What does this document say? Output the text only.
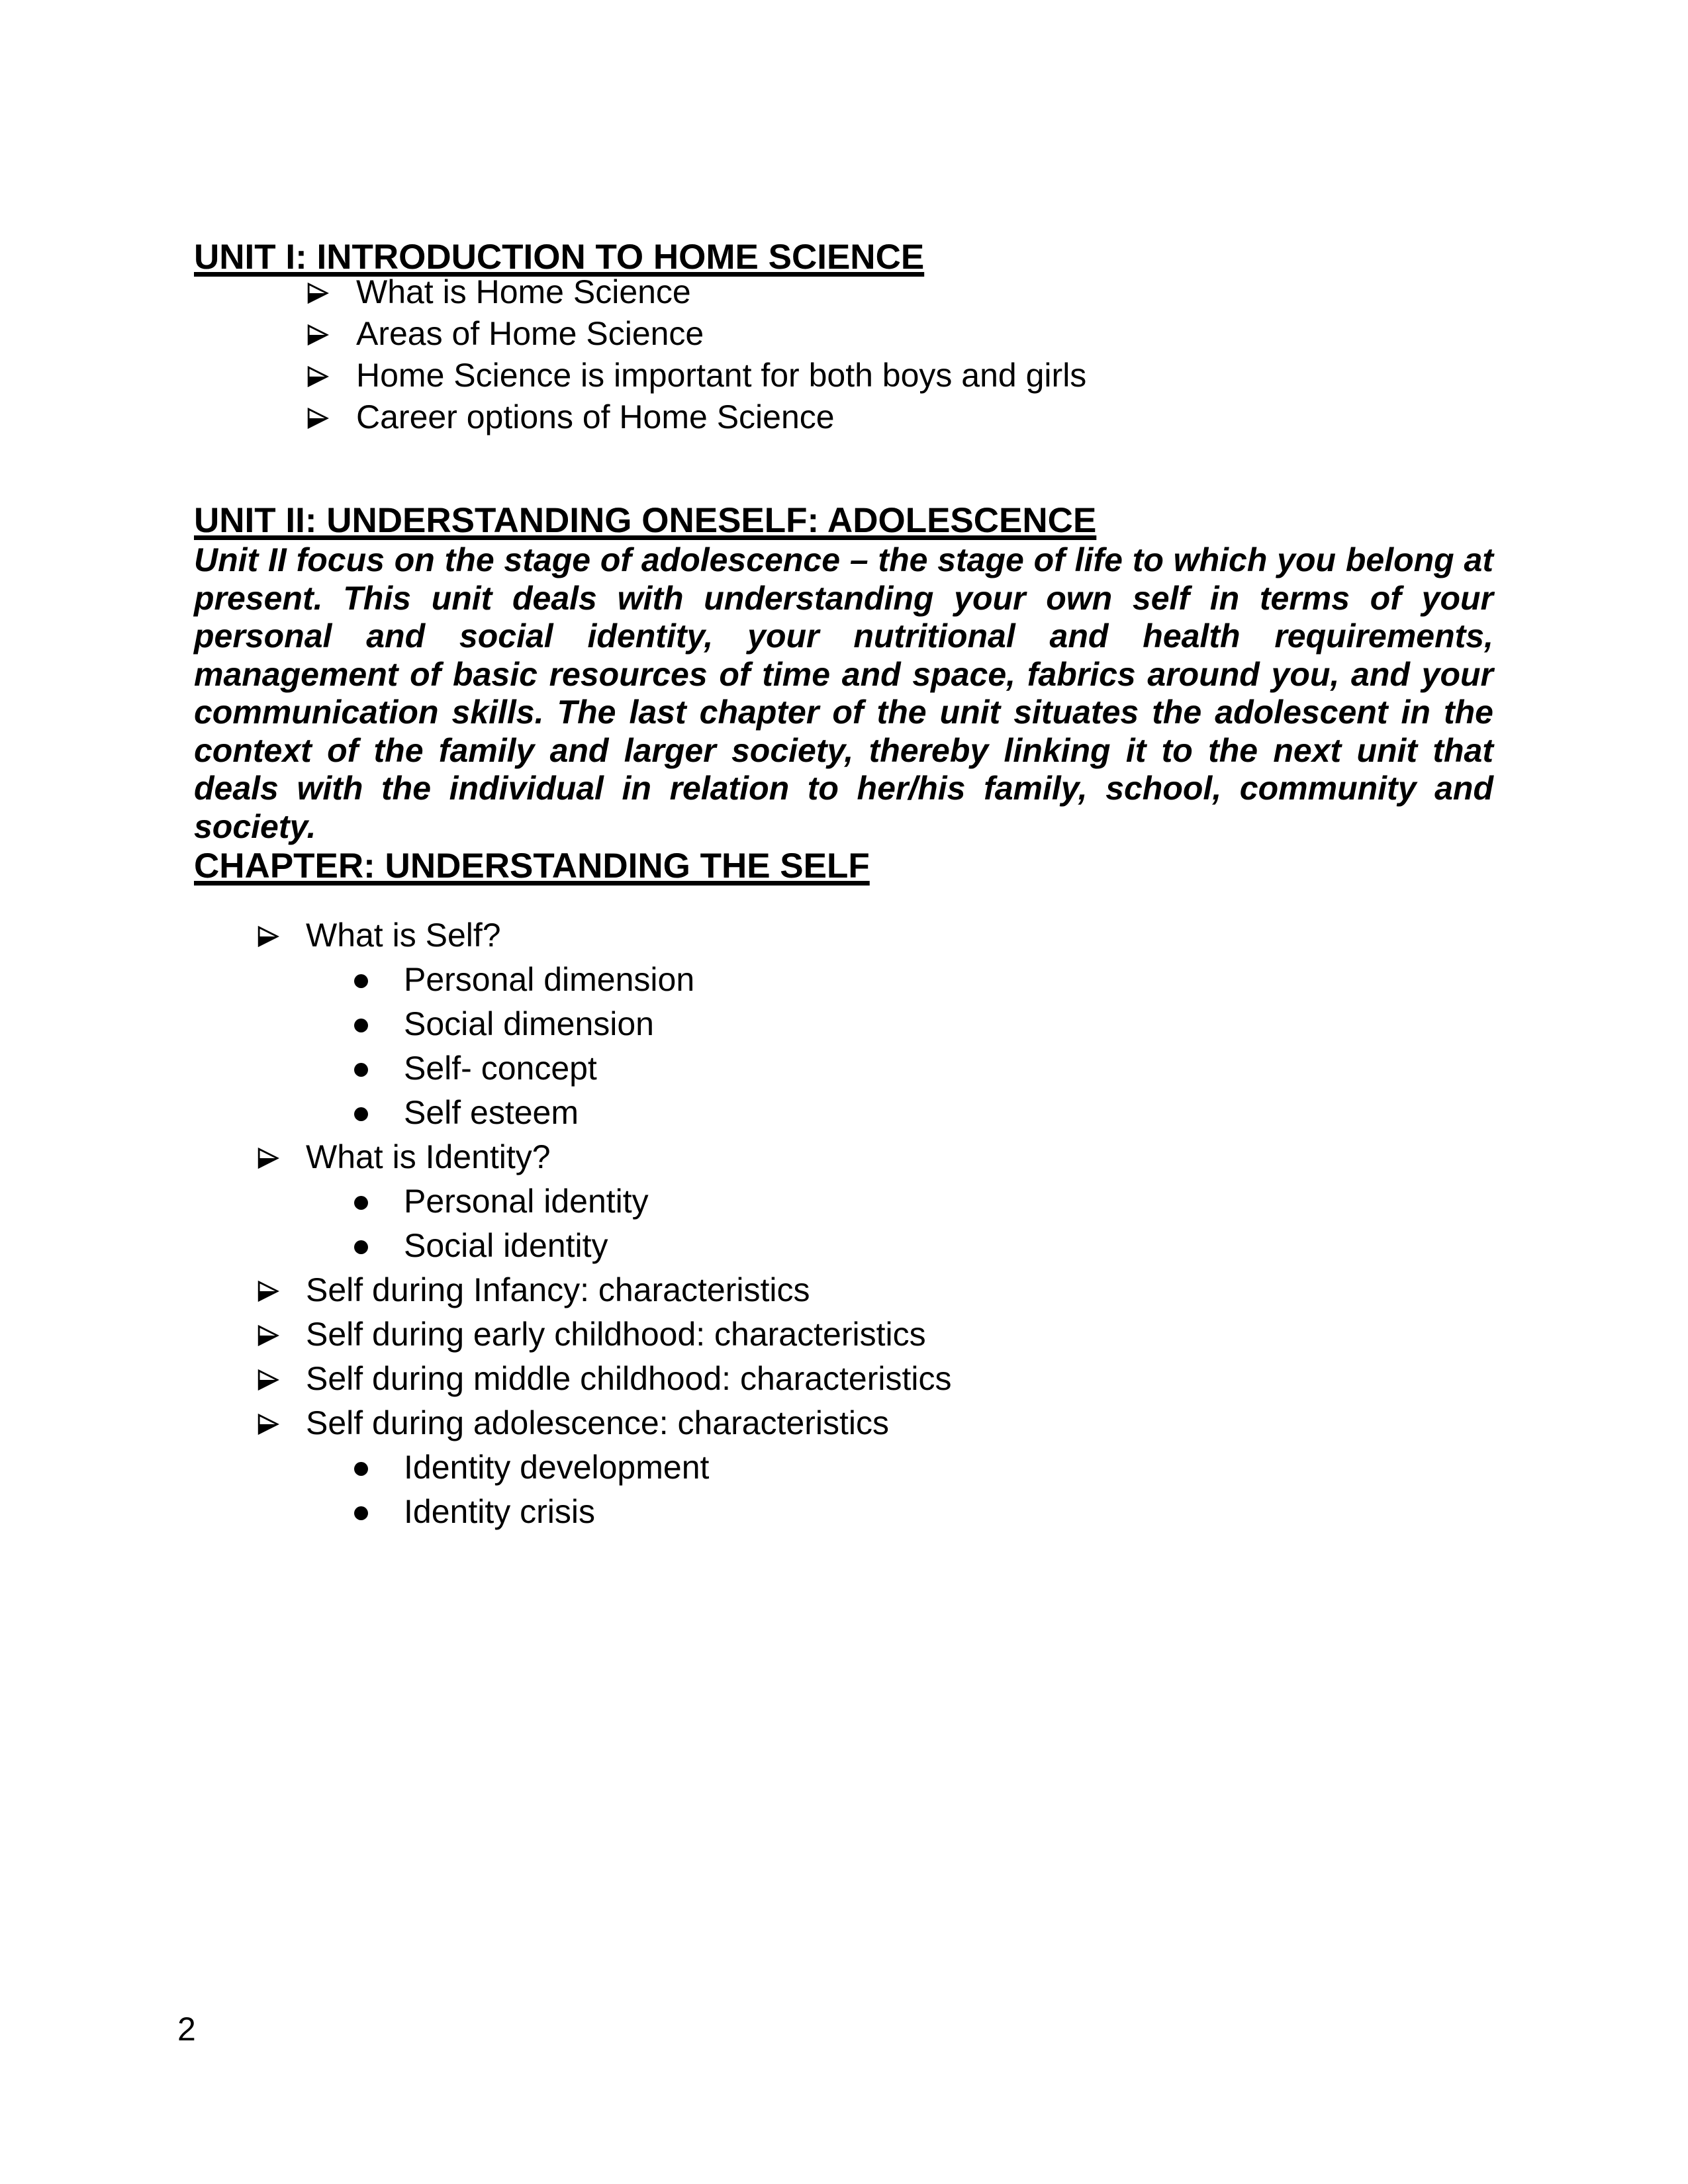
UNIT I: INTRODUCTION TO HOME SCIENCE
What is Home Science
Areas of Home Science
Home Science is important for both boys and girls
Career options of Home Science
UNIT II: UNDERSTANDING ONESELF: ADOLESCENCE
Unit II focus on the stage of adolescence – the stage of life to which you belong at
present. This unit deals with understanding your own self in terms of your
personal and social identity, your nutritional and health requirements,
management of basic resources of time and space, fabrics around you, and your
communication skills. The last chapter of the unit situates the adolescent in the
context of the family and larger society, thereby linking it to the next unit that
deals with the individual in relation to her/his family, school, community and
society.
CHAPTER: UNDERSTANDING THE SELF
What is Self?
Personal dimension
Social dimension
Self- concept
Self esteem
What is Identity?
Personal identity
Social identity
Self during Infancy: characteristics
Self during early childhood: characteristics
Self during middle childhood: characteristics
Self during adolescence: characteristics
Identity development
Identity crisis
2
